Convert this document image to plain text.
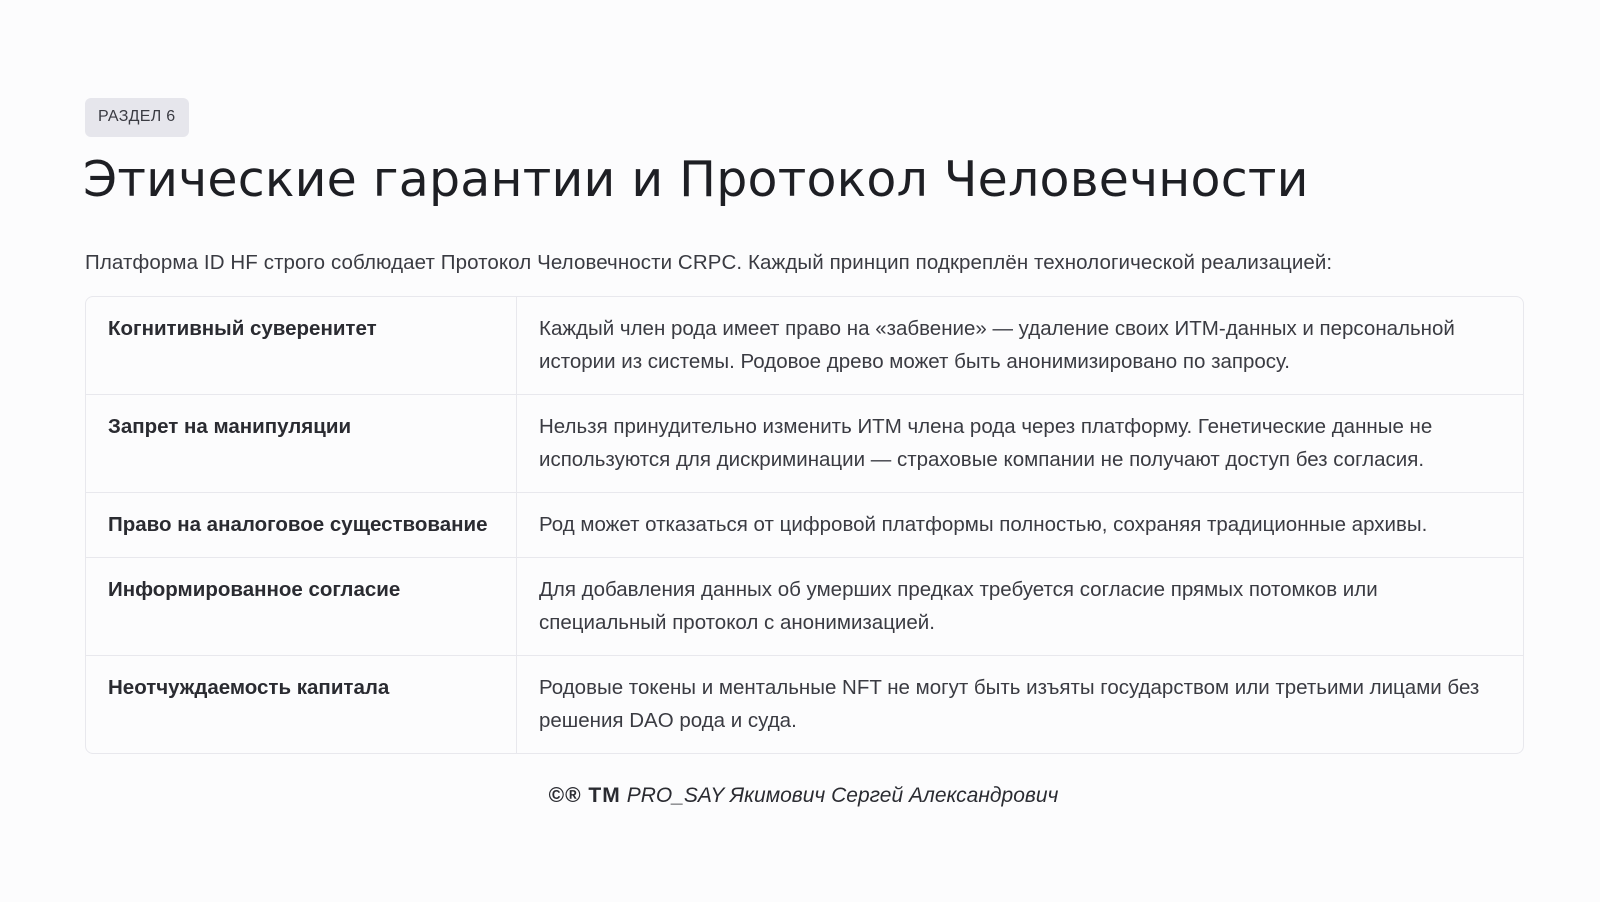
РАЗДЕЛ 6
Этические гарантии и Протокол Человечности
Платформа ID HF строго соблюдает Протокол Человечности CRPC. Каждый принцип подкреплён технологической реализацией:
Когнитивный суверенитет	Каждый член рода имеет право на «забвение» — удаление своих ИТМ-данных и персональной истории из системы. Родовое древо может быть анонимизировано по запросу.
Запрет на манипуляции	Нельзя принудительно изменить ИТМ члена рода через платформу. Генетические данные не используются для дискриминации — страховые компании не получают доступ без согласия.
Право на аналоговое существование	Род может отказаться от цифровой платформы полностью, сохраняя традиционные архивы.
Информированное согласие	Для добавления данных об умерших предках требуется согласие прямых потомков или специальный протокол с анонимизацией.
Неотчуждаемость капитала	Родовые токены и ментальные NFT не могут быть изъяты государством или третьими лицами без решения DAO рода и суда.
©® ТМ PRO_SAY Якимович Сергей Александрович
